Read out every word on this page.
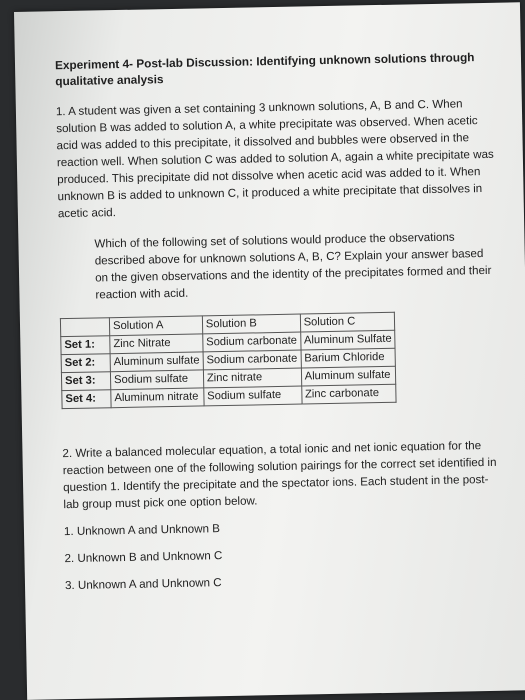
Experiment 4- Post-lab Discussion: Identifying unknown solutions through qualitative analysis

1. A student was given a set containing 3 unknown solutions, A, B and C. When solution B was added to solution A, a white precipitate was observed. When acetic acid was added to this precipitate, it dissolved and bubbles were observed in the reaction well. When solution C was added to solution A, again a white precipitate was produced. This precipitate did not dissolve when acetic acid was added to it. When unknown B is added to unknown C, it produced a white precipitate that dissolves in acetic acid.

Which of the following set of solutions would produce the observations described above for unknown solutions A, B, C? Explain your answer based on the given observations and the identity of the precipitates formed and their reaction with acid.

	Solution A	Solution B	Solution C
Set 1:	Zinc Nitrate	Sodium carbonate	Aluminum Sulfate
Set 2:	Aluminum sulfate	Sodium carbonate	Barium Chloride
Set 3:	Sodium sulfate	Zinc nitrate	Aluminum sulfate
Set 4:	Aluminum nitrate	Sodium sulfate	Zinc carbonate

2. Write a balanced molecular equation, a total ionic and net ionic equation for the reaction between one of the following solution pairings for the correct set identified in question 1. Identify the precipitate and the spectator ions. Each student in the post-lab group must pick one option below.

1. Unknown A and Unknown B

2. Unknown B and Unknown C

3. Unknown A and Unknown C
